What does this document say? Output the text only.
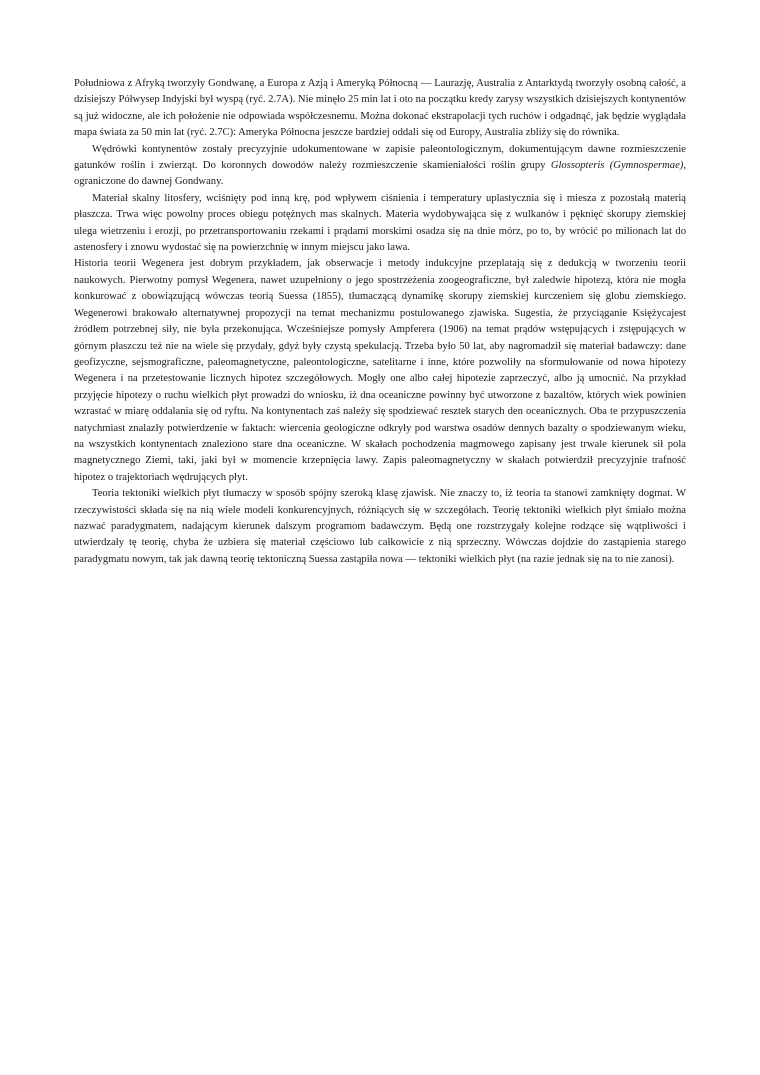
Południowa z Afryką tworzyły Gondwanę, a Europa z Azją i Ameryką Północną — Laurazję, Australia z Antarktydą tworzyły osobną całość, a dzisiejszy Półwysep Indyjski był wyspą (ryć. 2.7A). Nie minęło 25 min lat i oto na początku kredy zarysy wszystkich dzisiejszych kontynentów są już widoczne, ale ich położenie nie odpowiada współczesnemu. Można dokonać ekstrapolacji tych ruchów i odgadnąć, jak będzie wyglądała mapa świata za 50 min lat (ryć. 2.7C): Ameryka Północna jeszcze bardziej oddali się od Europy, Australia zbliży się do równika.

Wędrówki kontynentów zostały precyzyjnie udokumentowane w zapisie paleontologicznym, dokumentującym dawne rozmieszczenie gatunków roślin i zwierząt. Do koronnych dowodów należy rozmieszczenie skamieniałości roślin grupy Glossopteris (Gymnospermae), ograniczone do dawnej Gondwany.

Materiał skalny litosfery, wciśnięty pod inną krę, pod wpływem ciśnienia i temperatury uplastycznia się i miesza z pozostałą materią płaszcza. Trwa więc powolny proces obiegu potężnych mas skalnych. Materia wydobywająca się z wulkanów i pęknięć skorupy ziemskiej ulega wietrzeniu i erozji, po przetransportowaniu rzekami i prądami morskimi osadza się na dnie mórz, po to, by wrócić po milionach lat do astenosfery i znowu wydostać się na powierzchnię w innym miejscu jako lawa.

Historia teorii Wegenera jest dobrym przykładem, jak obserwacje i metody indukcyjne przeplatają się z dedukcją w tworzeniu teorii naukowych. Pierwotny pomysł Wegenera, nawet uzupełniony o jego spostrzeżenia zoogeograficzne, był zaledwie hipotezą, która nie mogła konkurować z obowiązującą wówczas teorią Suessa (1855), tłumaczącą dynamikę skorupy ziemskiej kurczeniem się globu ziemskiego. Wegenerowi brakowało alternatywnej propozycji na temat mechanizmu postulowanego zjawiska. Sugestia, że przyciąganie Księżycajest źródłem potrzebnej siły, nie była przekonująca. Wcześniejsze pomysły Ampferera (1906) na temat prądów wstępujących i zstępujących w górnym płaszczu też nie na wiele się przydały, gdyż były czystą spekulacją. Trzeba było 50 lat, aby nagromadził się materiał badawczy: dane geofizyczne, sejsmograficzne, paleomagnetyczne, paleontologiczne, satelitarne i inne, które pozwoliły na sformułowanie od nowa hipotezy Wegenera i na przetestowanie licznych hipotez szczegółowych. Mogły one albo całej hipotezie zaprzeczyć, albo ją umocnić. Na przykład przyjęcie hipotezy o ruchu wielkich płyt prowadzi do wniosku, iż dna oceaniczne powinny być utworzone z bazaltów, których wiek powinien wzrastać w miarę oddalania się od ryftu. Na kontynentach zaś należy się spodziewać resztek starych den oceanicznych. Oba te przypuszczenia natychmiast znalazły potwierdzenie w faktach: wiercenia geologiczne odkryły pod warstwa osadów dennych bazalty o spodziewanym wieku, na wszystkich kontynentach znaleziono stare dna oceaniczne. W skałach pochodzenia magmowego zapisany jest trwale kierunek sił pola magnetycznego Ziemi, taki, jaki był w momencie krzepnięcia lawy. Zapis paleomagnetyczny w skałach potwierdził precyzyjnie trafność hipotez o trajektoriach wędrujących płyt.

Teoria tektoniki wielkich płyt tłumaczy w sposób spójny szeroką klasę zjawisk. Nie znaczy to, iż teoria ta stanowi zamknięty dogmat. W rzeczywistości składa się na nią wiele modeli konkurencyjnych, różniących się w szczegółach. Teorię tektoniki wielkich płyt śmiało można nazwać paradygmatem, nadającym kierunek dalszym programom badawczym. Będą one rozstrzygały kolejne rodzące się wątpliwości i utwierdzały tę teorię, chyba że uzbiera się materiał częściowo lub całkowicie z nią sprzeczny. Wówczas dojdzie do zastąpienia starego paradygmatu nowym, tak jak dawną teorię tektoniczną Suessa zastąpiła nowa — tektoniki wielkich płyt (na razie jednak się na to nie zanosi).
